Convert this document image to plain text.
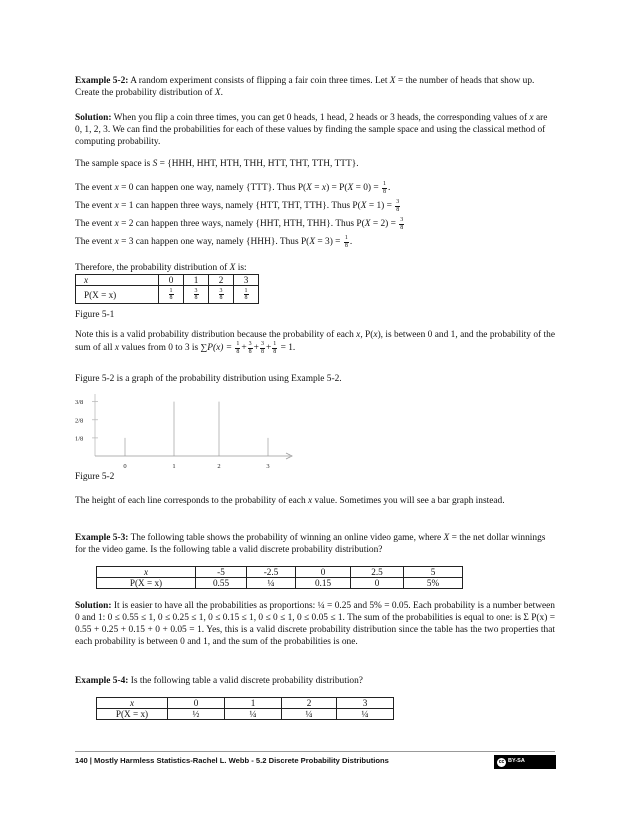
Example 5-2: A random experiment consists of flipping a fair coin three times. Let X = the number of heads that show up. Create the probability distribution of X.

Solution: When you flip a coin three times, you can get 0 heads, 1 head, 2 heads or 3 heads, the corresponding values of x are 0, 1, 2, 3. We can find the probabilities for each of these values by finding the sample space and using the classical method of computing probability.

The sample space is S = {HHH, HHT, HTH, THH, HTT, THT, TTH, TTT}.

The event x = 0 can happen one way, namely {TTT}. Thus $P(X = x) = P(X = 0) = \frac{1}{8}$ .

The event x = 1 can happen three ways, namely {HTT, THT, TTH}. Thus $P(X = 1) = \frac{3}{8}$

The event x = 2 can happen three ways, namely {HHT, HTH, THH}. Thus $P(X = 2) = \frac{3}{8}$

The event x = 3 can happen one way, namely {HHH}. Thus $P(X = 3) = \frac{1}{8}$ .

Therefore, the probability distribution of X is:

x	0	1	2	3
P(X = x)	$\frac{1}{8}$	$\frac{3}{8}$	$\frac{3}{8}$	$\frac{1}{8}$

Figure 5-1

Note this is a valid probability distribution because the probability of each x, P(x), is between 0 and 1, and the probability of the sum of all x values from 0 to 3 is $\sum P(x) = \frac{1}{8} + \frac{3}{8} + \frac{3}{8} + \frac{1}{8} = 1$.

Figure 5-2 is a graph of the probability distribution using Example 5-2.

1/8
2/8
3/8
0	1	2	3

Figure 5-2

The height of each line corresponds to the probability of each x value. Sometimes you will see a bar graph instead.

Example 5-3: The following table shows the probability of winning an online video game, where X = the net dollar winnings for the video game. Is the following table a valid discrete probability distribution?

x	-5	-2.5	0	2.5	5
P(X = x)	0.55	¼	0.15	0	5%

Solution: It is easier to have all the probabilities as proportions: ¼ = 0.25 and 5% = 0.05. Each probability is a number between 0 and 1: 0 ≤ 0.55 ≤ 1, 0 ≤ 0.25 ≤ 1, 0 ≤ 0.15 ≤ 1, 0 ≤ 0 ≤ 1, 0 ≤ 0.05 ≤ 1. The sum of the probabilities is equal to one: is Σ P(x) = 0.55 + 0.25 + 0.15 + 0 + 0.05 = 1. Yes, this is a valid discrete probability distribution since the table has the two properties that each probability is between 0 and 1, and the sum of the probabilities is one.

Example 5-4: Is the following table a valid discrete probability distribution?

x	0	1	2	3
P(X = x)	½	¼	¼	¼

140 | Mostly Harmless Statistics-Rachel L. Webb - 5.2 Discrete Probability Distributions	cc BY-SA
